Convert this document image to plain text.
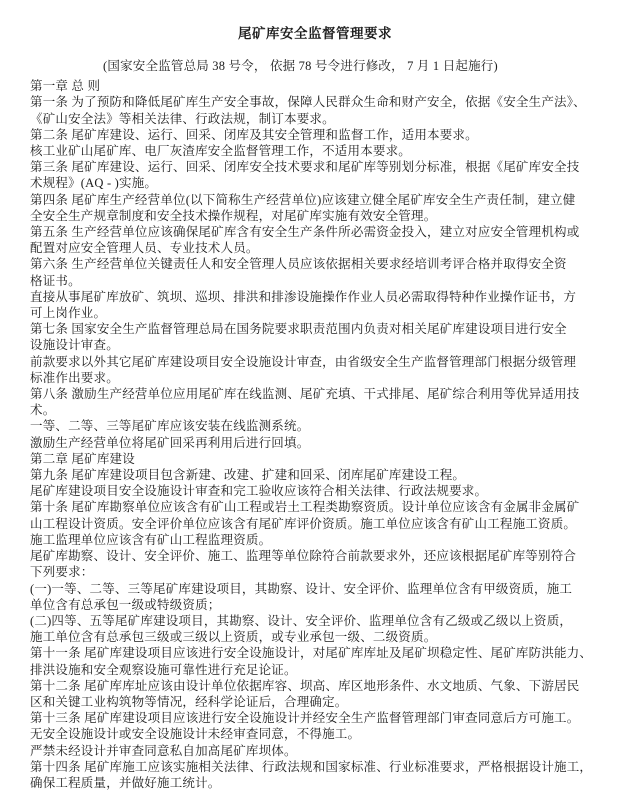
尾矿库安全监督管理要求
(国家安全监管总局 38 号令， 依据 78 号令进行修改， 7 月 1 日起施行)
第一章 总 则
第一条 为了预防和降低尾矿库生产安全事故，保障人民群众生命和财产安全，依据《安全生产法》、
《矿山安全法》等相关法律、行政法规，制订本要求。
第二条 尾矿库建设、运行、回采、闭库及其安全管理和监督工作，适用本要求。
核工业矿山尾矿库、电厂灰渣库安全监督管理工作，不适用本要求。
第三条 尾矿库建设、运行、回采、闭库安全技术要求和尾矿库等别划分标准，根据《尾矿库安全技
术规程》(AQ - )实施。
第四条 尾矿库生产经营单位(以下简称生产经营单位)应该建立健全尾矿库安全生产责任制，建立健
全安全生产规章制度和安全技术操作规程，对尾矿库实施有效安全管理。
第五条 生产经营单位应该确保尾矿库含有安全生产条件所必需资金投入，建立对应安全管理机构或
配置对应安全管理人员、专业技术人员。
第六条 生产经营单位关键责任人和安全管理人员应该依据相关要求经培训考评合格并取得安全资
格证书。
直接从事尾矿库放矿、筑坝、巡坝、排洪和排渗设施操作作业人员必需取得特种作业操作证书，方
可上岗作业。
第七条 国家安全生产监督管理总局在国务院要求职责范围内负责对相关尾矿库建设项目进行安全
设施设计审查。
前款要求以外其它尾矿库建设项目安全设施设计审查，由省级安全生产监督管理部门根据分级管理
标准作出要求。
第八条 激励生产经营单位应用尾矿库在线监测、尾矿充填、干式排尾、尾矿综合利用等优异适用技
术。
一等、二等、三等尾矿库应该安装在线监测系统。
激励生产经营单位将尾矿回采再利用后进行回填。
第二章 尾矿库建设
第九条 尾矿库建设项目包含新建、改建、扩建和回采、闭库尾矿库建设工程。
尾矿库建设项目安全设施设计审查和完工验收应该符合相关法律、行政法规要求。
第十条 尾矿库勘察单位应该含有矿山工程或岩土工程类勘察资质。设计单位应该含有金属非金属矿
山工程设计资质。安全评价单位应该含有尾矿库评价资质。施工单位应该含有矿山工程施工资质。
施工监理单位应该含有矿山工程监理资质。
尾矿库勘察、设计、安全评价、施工、监理等单位除符合前款要求外，还应该根据尾矿库等别符合
下列要求：
(一)一等、二等、三等尾矿库建设项目，其勘察、设计、安全评价、监理单位含有甲级资质，施工
单位含有总承包一级或特级资质；
(二)四等、五等尾矿库建设项目，其勘察、设计、安全评价、监理单位含有乙级或乙级以上资质，
施工单位含有总承包三级或三级以上资质，或专业承包一级、二级资质。
第十一条 尾矿库建设项目应该进行安全设施设计，对尾矿库库址及尾矿坝稳定性、尾矿库防洪能力、
排洪设施和安全观察设施可靠性进行充足论证。
第十二条 尾矿库库址应该由设计单位依据库容、坝高、库区地形条件、水文地质、气象、下游居民
区和关键工业构筑物等情况，经科学论证后，合理确定。
第十三条 尾矿库建设项目应该进行安全设施设计并经安全生产监督管理部门审查同意后方可施工。
无安全设施设计或安全设施设计未经审查同意，不得施工。
严禁未经设计并审查同意私自加高尾矿库坝体。
第十四条 尾矿库施工应该实施相关法律、行政法规和国家标准、行业标准要求，严格根据设计施工，
确保工程质量，并做好施工统计。
